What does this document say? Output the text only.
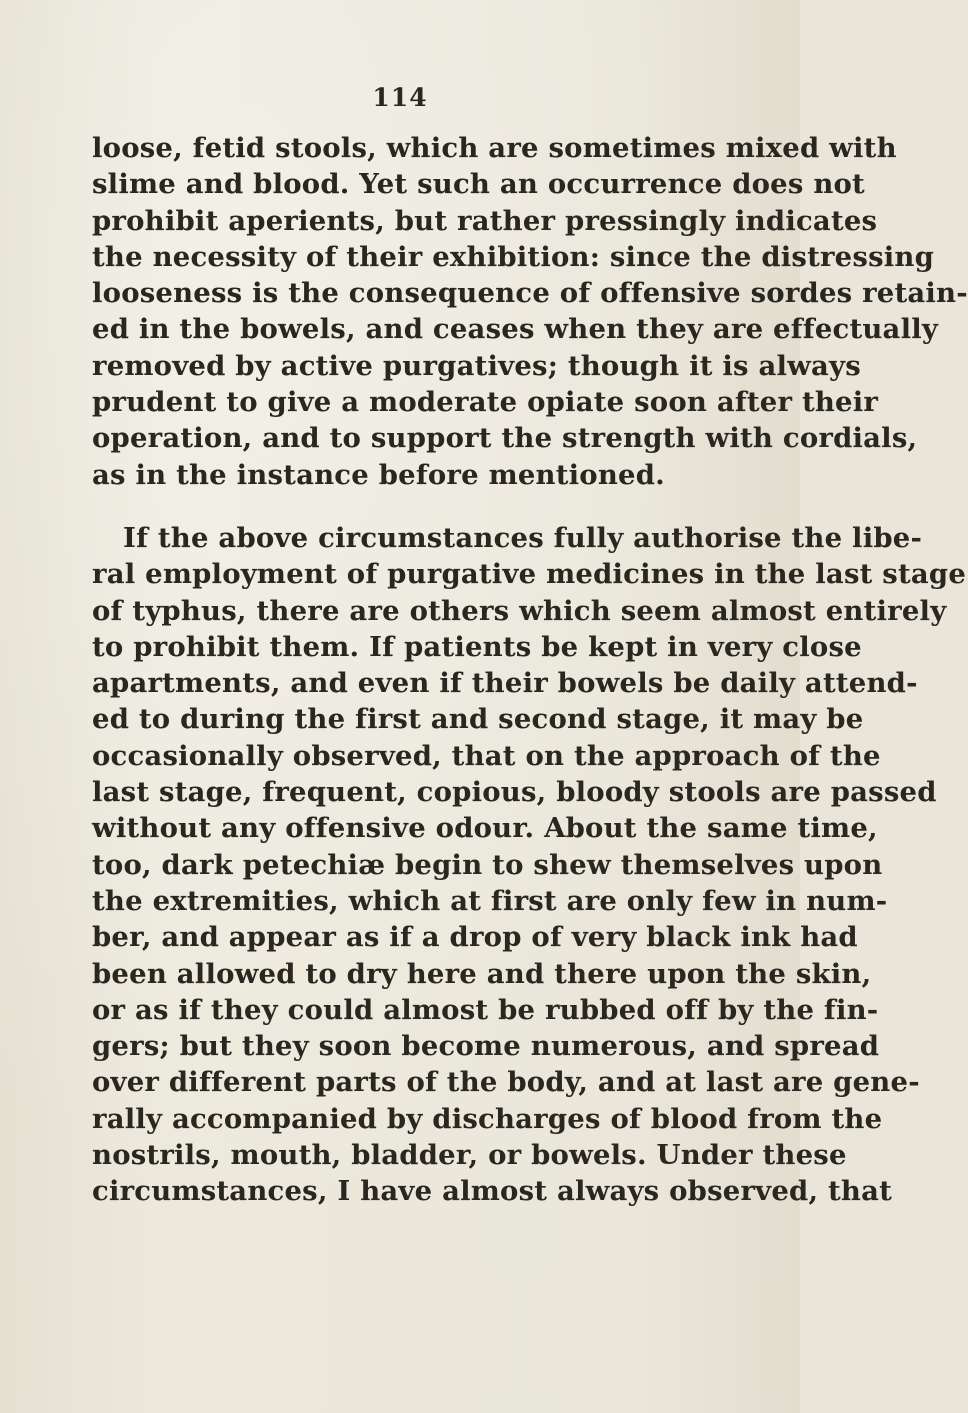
114
loose, fetid stools, which are sometimes mixed with
slime and blood. Yet such an occurrence does not
prohibit aperients, but rather pressingly indicates
the necessity of their exhibition: since the distressing
looseness is the consequence of offensive sordes retain-
ed in the bowels, and ceases when they are effectually
removed by active purgatives; though it is always
prudent to give a moderate opiate soon after their
operation, and to support the strength with cordials,
as in the instance before mentioned.
If the above circumstances fully authorise the libe-
ral employment of purgative medicines in the last stage
of typhus, there are others which seem almost entirely
to prohibit them. If patients be kept in very close
apartments, and even if their bowels be daily attend-
ed to during the first and second stage, it may be
occasionally observed, that on the approach of the
last stage, frequent, copious, bloody stools are passed
without any offensive odour. About the same time,
too, dark petechiæ begin to shew themselves upon
the extremities, which at first are only few in num-
ber, and appear as if a drop of very black ink had
been allowed to dry here and there upon the skin,
or as if they could almost be rubbed off by the fin-
gers; but they soon become numerous, and spread
over different parts of the body, and at last are gene-
rally accompanied by discharges of blood from the
nostrils, mouth, bladder, or bowels. Under these
circumstances, I have almost always observed, that
